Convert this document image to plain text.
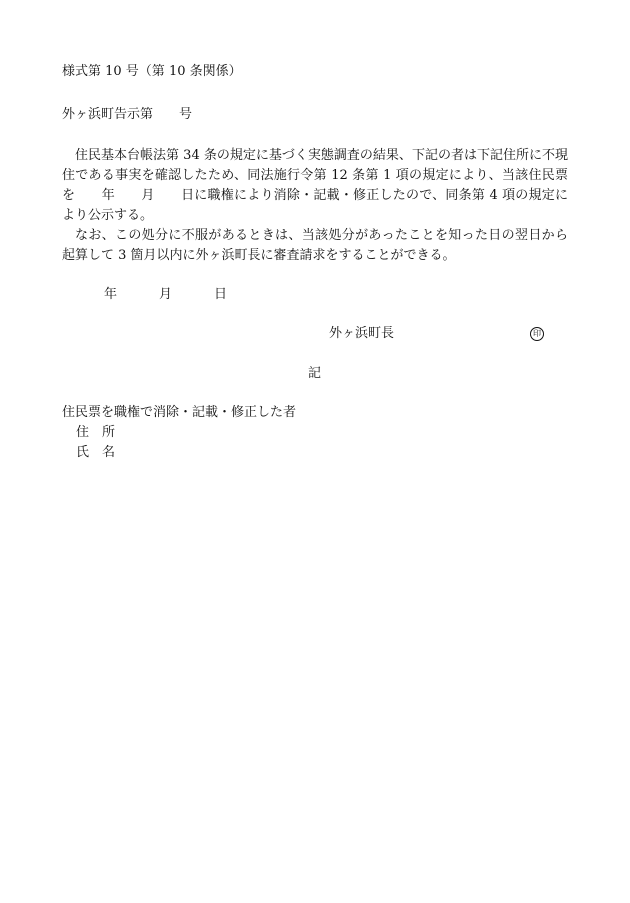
様式第 10 号（第 10 条関係）
外ヶ浜町告示第　　号
住民基本台帳法第 34 条の規定に基づく実態調査の結果、下記の者は下記住所に不現住である事実を確認したため、同法施行令第 12 条第 1 項の規定により、当該住民票を　　年　　月　　日に職権により消除・記載・修正したので、同条第 4 項の規定により公示する。
なお、この処分に不服があるときは、当該処分があったことを知った日の翌日から起算して 3 箇月以内に外ヶ浜町長に審査請求をすることができる。
年	月	日
外ヶ浜町長	印
記
住民票を職権で消除・記載・修正した者
住　所
氏　名
